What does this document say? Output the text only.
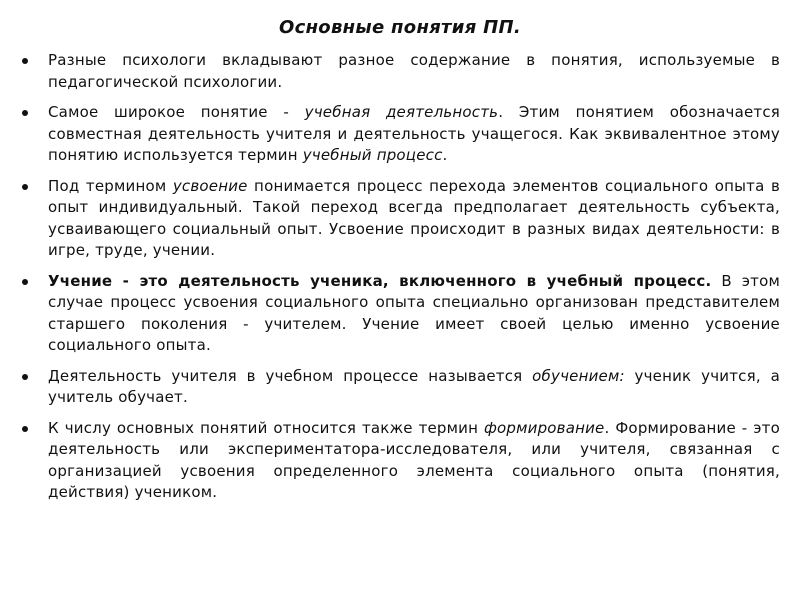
Основные понятия ПП.
Разные психологи вкладывают разное содержание в понятия, используемые в педагогической психологии.
Самое широкое понятие - учебная деятельность. Этим понятием обозначается совместная деятельность учителя и деятельность учащегося. Как эквивалентное этому понятию используется термин учебный процесс.
Под термином усвоение понимается процесс перехода элементов социального опыта в опыт индивидуальный. Такой переход всегда предполагает деятельность субъекта, усваивающего социальный опыт. Усвоение происходит в разных видах деятельности: в игре, труде, учении.
Учение - это деятельность ученика, включенного в учебный процесс. В этом случае процесс усвоения социального опыта специально организован представителем старшего поколения - учителем. Учение имеет своей целью именно усвоение социального опыта.
Деятельность учителя в учебном процессе называется обучением: ученик учится, а учитель обучает.
К числу основных понятий относится также термин формирование. Формирование - это деятельность или экспериментатора-исследователя, или учителя, связанная с организацией усвоения определенного элемента социального опыта (понятия, действия) учеником.
